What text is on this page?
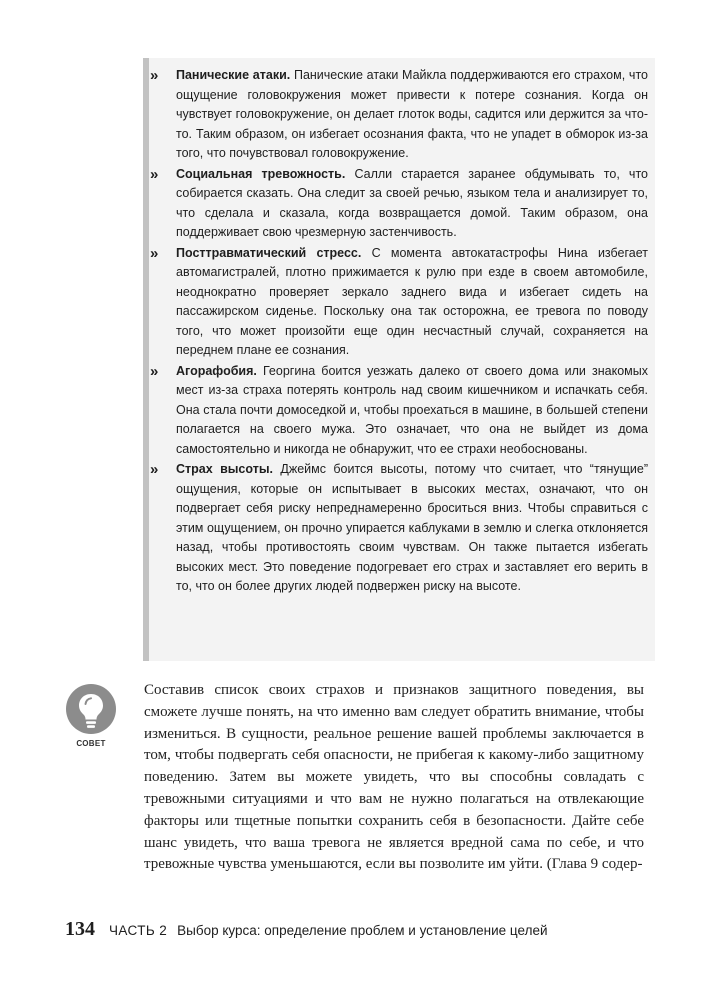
»	Панические атаки. Панические атаки Майкла поддерживаются его страхом, что ощущение головокружения может привести к потере сознания. Когда он чувствует головокружение, он делает глоток воды, садится или держится за что-то. Таким образом, он избегает осознания факта, что не упадет в обморок из-за того, что почувствовал головокружение.
»	Социальная тревожность. Салли старается заранее обдумывать то, что собирается сказать. Она следит за своей речью, языком тела и анализирует то, что сделала и сказала, когда возвращается домой. Таким образом, она поддерживает свою чрезмерную застенчивость.
»	Посттравматический стресс. С момента автокатастрофы Нина избегает автомагистралей, плотно прижимается к рулю при езде в своем автомобиле, неоднократно проверяет зеркало заднего вида и избегает сидеть на пассажирском сиденье. Поскольку она так осторожна, ее тревога по поводу того, что может произойти еще один несчастный случай, сохраняется на переднем плане ее сознания.
»	Агорафобия. Георгина боится уезжать далеко от своего дома или знакомых мест из-за страха потерять контроль над своим кишечником и испачкать себя. Она стала почти домоседкой и, чтобы проехаться в машине, в большей степени полагается на своего мужа. Это означает, что она не выйдет из дома самостоятельно и никогда не обнаружит, что ее страхи необоснованы.
»	Страх высоты. Джеймс боится высоты, потому что считает, что “тянущие” ощущения, которые он испытывает в высоких местах, означают, что он подвергает себя риску непреднамеренно броситься вниз. Чтобы справиться с этим ощущением, он прочно упирается каблуками в землю и слегка отклоняется назад, чтобы противостоять своим чувствам. Он также пытается избегать высоких мест. Это поведение подогревает его страх и заставляет его верить в то, что он более других людей подвержен риску на высоте.
СОВЕТ
Составив список своих страхов и признаков защитного поведения, вы сможете лучше понять, на что именно вам следует обратить внимание, чтобы измениться. В сущности, реальное решение вашей проблемы заключается в том, чтобы подвергать себя опасности, не прибегая к какому-либо защитному поведению. Затем вы можете увидеть, что вы способны совладать с тревожными ситуациями и что вам не нужно полагаться на отвлекающие факторы или тщетные попытки сохранить себя в безопасности. Дайте себе шанс увидеть, что ваша тревога не является вредной сама по себе, и что тревожные чувства уменьшаются, если вы позволите им уйти. (Глава 9 содер-
134 ЧАСТЬ 2 Выбор курса: определение проблем и установление целей
